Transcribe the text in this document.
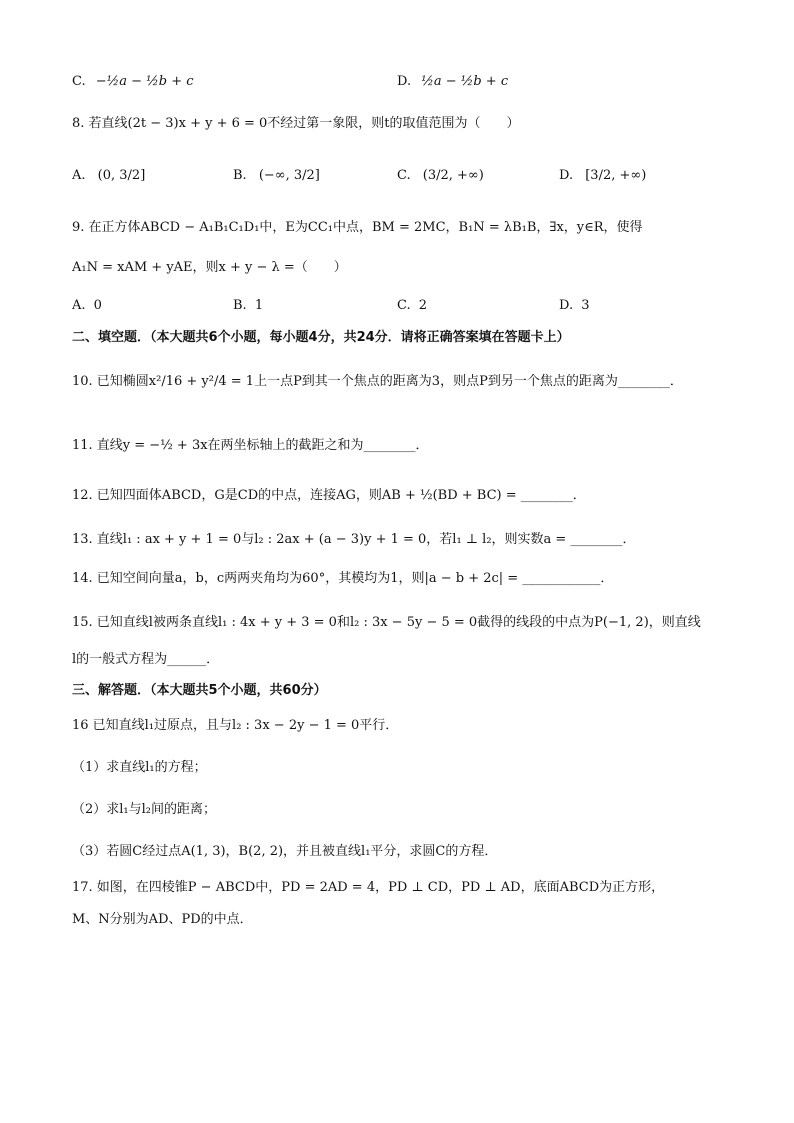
C. −½a − ½b + c	D. ½a − ½b + c
8. 若直线(2t − 3)x + y + 6 = 0不经过第一象限，则t的取值范围为（　　）
A. (0, 3/2]	B. (−∞, 3/2]	C. (3/2, +∞)	D. [3/2, +∞)
9. 在正方体ABCD − A₁B₁C₁D₁中，E为CC₁中点，BM = 2MC，B₁N = λB₁B，∃x，y∈R，使得
A₁N = xAM + yAE，则x + y − λ =（　　）
A. 0	B. 1	C. 2	D. 3
二、填空题．（本大题共6个小题，每小题4分，共24分．请将正确答案填在答题卡上）
10. 已知椭圆x²/16 + y²/4 = 1上一点P到其一个焦点的距离为3，则点P到另一个焦点的距离为________．
11. 直线y = −½ + 3x在两坐标轴上的截距之和为________．
12. 已知四面体ABCD，G是CD的中点，连接AG，则AB + ½(BD + BC) = ________．
13. 直线l₁ : ax + y + 1 = 0与l₂ : 2ax + (a − 3)y + 1 = 0，若l₁ ⊥ l₂，则实数a = ________．
14. 已知空间向量a，b，c两两夹角均为60°，其模均为1，则|a − b + 2c| = ____________．
15. 已知直线l被两条直线l₁ : 4x + y + 3 = 0和l₂ : 3x − 5y − 5 = 0截得的线段的中点为P(−1, 2)，则直线
l的一般式方程为______．
三、解答题．（本大题共5个小题，共60分）
16 已知直线l₁过原点，且与l₂ : 3x − 2y − 1 = 0平行．
（1）求直线l₁的方程；
（2）求l₁与l₂间的距离；
（3）若圆C经过点A(1, 3)，B(2, 2)，并且被直线l₁平分，求圆C的方程．
17. 如图，在四棱锥P − ABCD中，PD = 2AD = 4，PD ⊥ CD，PD ⊥ AD，底面ABCD为正方形，
M、N分别为AD、PD的中点．
